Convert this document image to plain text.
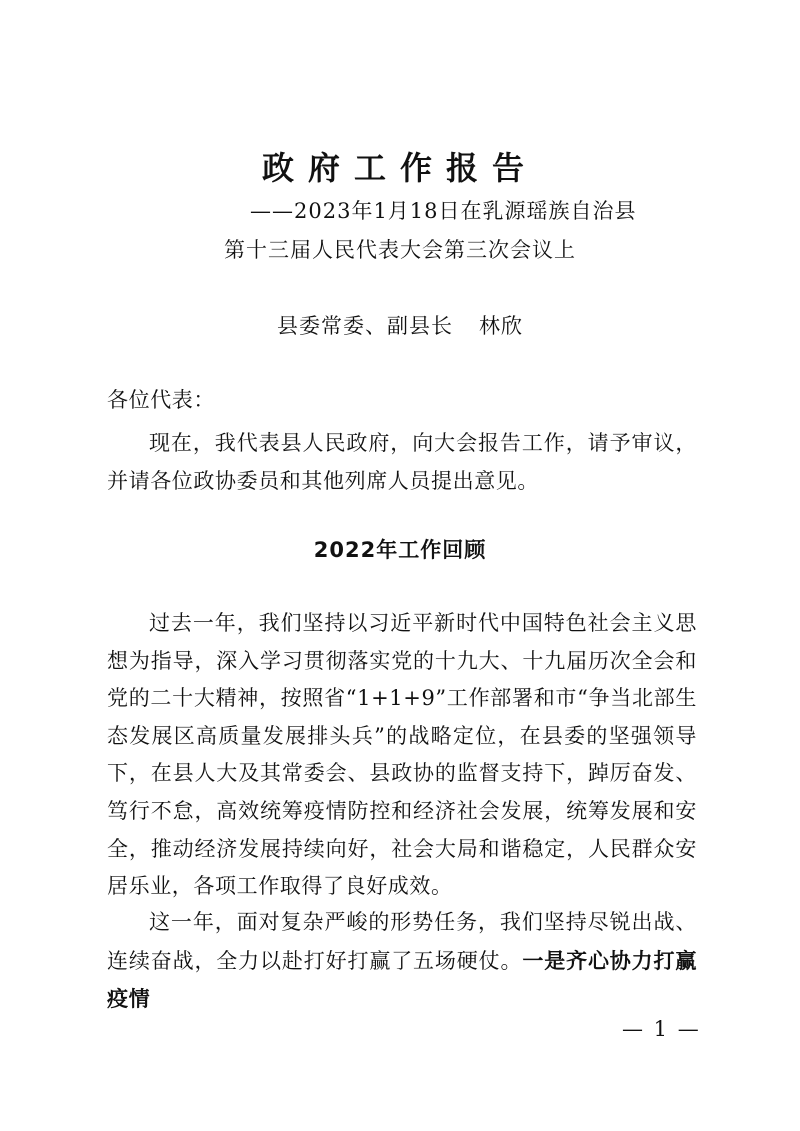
政府工作报告
——2023年1月18日在乳源瑶族自治县
第十三届人民代表大会第三次会议上
县委常委、副县长 林欣
各位代表：
现在，我代表县人民政府，向大会报告工作，请予审议，并请各位政协委员和其他列席人员提出意见。
2022年工作回顾
过去一年，我们坚持以习近平新时代中国特色社会主义思想为指导，深入学习贯彻落实党的十九大、十九届历次全会和党的二十大精神，按照省“1+1+9”工作部署和市“争当北部生态发展区高质量发展排头兵”的战略定位，在县委的坚强领导下，在县人大及其常委会、县政协的监督支持下，踔厉奋发、笃行不怠，高效统筹疫情防控和经济社会发展，统筹发展和安全，推动经济发展持续向好，社会大局和谐稳定，人民群众安居乐业，各项工作取得了良好成效。
这一年，面对复杂严峻的形势任务，我们坚持尽锐出战、连续奋战，全力以赴打好打赢了五场硬仗。一是齐心协力打赢疫情
— 1 —
